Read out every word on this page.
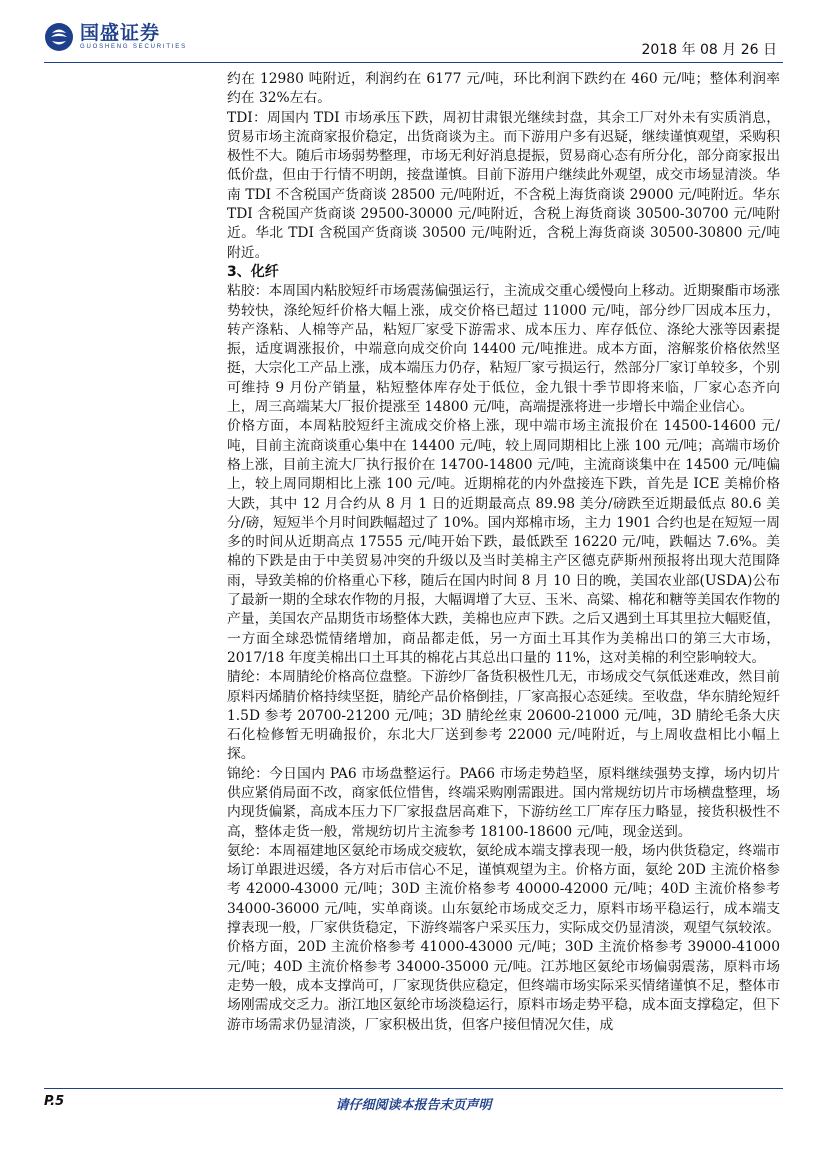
国盛证券
GUOSHENG SECURITIES	2018 年 08 月 26 日

约在 12980 吨附近，利润约在 6177 元/吨，环比利润下跌约在 460 元/吨；整体利润率约在 32%左右。

TDI：周国内 TDI 市场承压下跌，周初甘肃银光继续封盘，其余工厂对外未有实质消息，贸易市场主流商家报价稳定，出货商谈为主。而下游用户多有迟疑，继续谨慎观望，采购积极性不大。随后市场弱势整理，市场无利好消息提振，贸易商心态有所分化，部分商家报出低价盘，但由于行情不明朗，接盘谨慎。目前下游用户继续此外观望，成交市场显清淡。华南 TDI 不含税国产货商谈 28500 元/吨附近，不含税上海货商谈 29000 元/吨附近。华东 TDI 含税国产货商谈 29500-30000 元/吨附近，含税上海货商谈 30500-30700 元/吨附近。华北 TDI 含税国产货商谈 30500 元/吨附近，含税上海货商谈 30500-30800 元/吨附近。

3、化纤

粘胶：本周国内粘胶短纤市场震荡偏强运行，主流成交重心缓慢向上移动。近期聚酯市场涨势较快，涤纶短纤价格大幅上涨，成交价格已超过 11000 元/吨，部分纱厂因成本压力，转产涤粘、人棉等产品，粘短厂家受下游需求、成本压力、库存低位、涤纶大涨等因素提振，适度调涨报价，中端意向成交价向 14400 元/吨推进。成本方面，溶解浆价格依然坚挺，大宗化工产品上涨，成本端压力仍存，粘短厂家亏损运行，然部分厂家订单较多，个别可维持 9 月份产销量，粘短整体库存处于低位，金九银十季节即将来临，厂家心态齐向上，周三高端某大厂报价提涨至 14800 元/吨，高端提涨将进一步增长中端企业信心。

价格方面，本周粘胶短纤主流成交价格上涨，现中端市场主流报价在 14500-14600 元/吨，目前主流商谈重心集中在 14400 元/吨，较上周同期相比上涨 100 元/吨；高端市场价格上涨，目前主流大厂执行报价在 14700-14800 元/吨，主流商谈集中在 14500 元/吨偏上，较上周同期相比上涨 100 元/吨。近期棉花的内外盘接连下跌，首先是 ICE 美棉价格大跌，其中 12 月合约从 8 月 1 日的近期最高点 89.98 美分/磅跌至近期最低点 80.6 美分/磅，短短半个月时间跌幅超过了 10%。国内郑棉市场，主力 1901 合约也是在短短一周多的时间从近期高点 17555 元/吨开始下跌，最低跌至 16220 元/吨，跌幅达 7.6%。美棉的下跌是由于中美贸易冲突的升级以及当时美棉主产区德克萨斯州预报将出现大范围降雨，导致美棉的价格重心下移，随后在国内时间 8 月 10 日的晚，美国农业部(USDA)公布了最新一期的全球农作物的月报，大幅调增了大豆、玉米、高粱、棉花和糖等美国农作物的产量，美国农产品期货市场整体大跌，美棉也应声下跌。之后又遇到土耳其里拉大幅贬值，一方面全球恐慌情绪增加，商品都走低，另一方面土耳其作为美棉出口的第三大市场，2017/18 年度美棉出口土耳其的棉花占其总出口量的 11%，这对美棉的利空影响较大。

腈纶：本周腈纶价格高位盘整。下游纱厂备货积极性几无，市场成交气氛低迷难改，然目前原料丙烯腈价格持续坚挺，腈纶产品价格倒挂，厂家高报心态延续。至收盘，华东腈纶短纤 1.5D 参考 20700-21200 元/吨；3D 腈纶丝束 20600-21000 元/吨，3D 腈纶毛条大庆石化检修暂无明确报价，东北大厂送到参考 22000 元/吨附近，与上周收盘相比小幅上探。

锦纶：今日国内 PA6 市场盘整运行。PA66 市场走势趋坚，原料继续强势支撑，场内切片供应紧俏局面不改，商家低位惜售，终端采购刚需跟进。国内常规纺切片市场横盘整理，场内现货偏紧，高成本压力下厂家报盘居高难下，下游纺丝工厂库存压力略显，接货积极性不高，整体走货一般，常规纺切片主流参考 18100-18600 元/吨，现金送到。

氨纶：本周福建地区氨纶市场成交疲软，氨纶成本端支撑表现一般，场内供货稳定，终端市场订单跟进迟缓，各方对后市信心不足，谨慎观望为主。价格方面，氨纶 20D 主流价格参考 42000-43000 元/吨；30D 主流价格参考 40000-42000 元/吨；40D 主流价格参考 34000-36000 元/吨，实单商谈。山东氨纶市场成交乏力，原料市场平稳运行，成本端支撑表现一般，厂家供货稳定，下游终端客户采买压力，实际成交仍显清淡，观望气氛较浓。价格方面，20D 主流价格参考 41000-43000 元/吨；30D 主流价格参考 39000-41000 元/吨；40D 主流价格参考 34000-35000 元/吨。江苏地区氨纶市场偏弱震荡，原料市场走势一般，成本支撑尚可，厂家现货供应稳定，但终端市场实际采买情绪谨慎不足，整体市场刚需成交乏力。浙江地区氨纶市场淡稳运行，原料市场走势平稳，成本面支撑稳定，但下游市场需求仍显清淡，厂家积极出货，但客户接但情况欠佳，成

P.5	请仔细阅读本报告末页声明
